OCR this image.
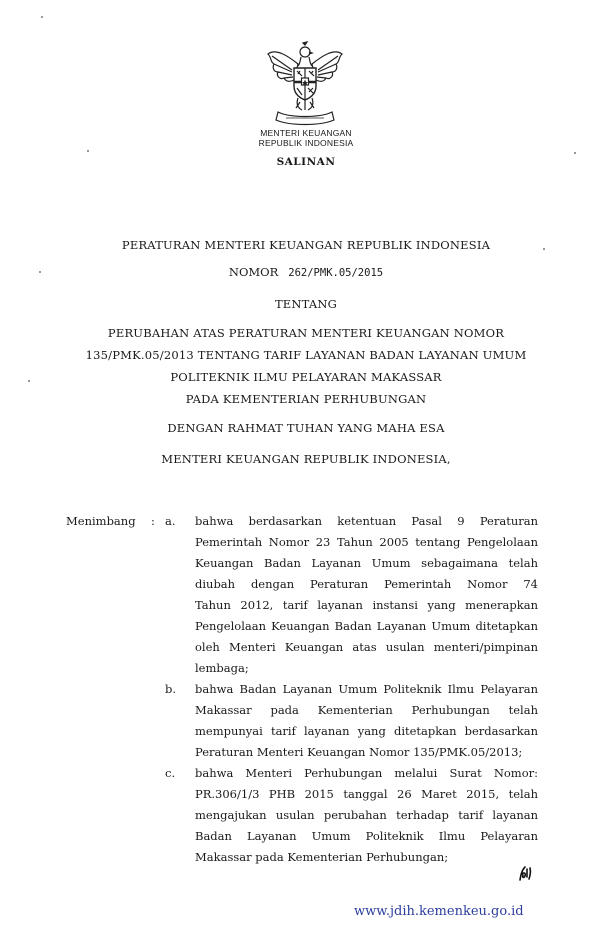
MENTERI KEUANGAN
REPUBLIK INDONESIA
SALINAN
PERATURAN MENTERI KEUANGAN REPUBLIK INDONESIA
NOMOR 262/PMK.05/2015
TENTANG
PERUBAHAN ATAS PERATURAN MENTERI KEUANGAN NOMOR
135/PMK.05/2013 TENTANG TARIF LAYANAN BADAN LAYANAN UMUM
POLITEKNIK ILMU PELAYARAN MAKASSAR
PADA KEMENTERIAN PERHUBUNGAN
DENGAN RAHMAT TUHAN YANG MAHA ESA
MENTERI KEUANGAN REPUBLIK INDONESIA,
Menimbang : a. bahwa berdasarkan ketentuan Pasal 9 Peraturan
Pemerintah Nomor 23 Tahun 2005 tentang Pengelolaan
Keuangan Badan Layanan Umum sebagaimana telah
diubah dengan Peraturan Pemerintah Nomor 74
Tahun 2012, tarif layanan instansi yang menerapkan
Pengelolaan Keuangan Badan Layanan Umum ditetapkan
oleh Menteri Keuangan atas usulan menteri/pimpinan
lembaga;
b. bahwa Badan Layanan Umum Politeknik Ilmu Pelayaran
Makassar pada Kementerian Perhubungan telah
mempunyai tarif layanan yang ditetapkan berdasarkan
Peraturan Menteri Keuangan Nomor 135/PMK.05/2013;
c. bahwa Menteri Perhubungan melalui Surat Nomor:
PR.306/1/3 PHB 2015 tanggal 26 Maret 2015, telah
mengajukan usulan perubahan terhadap tarif layanan
Badan Layanan Umum Politeknik Ilmu Pelayaran
Makassar pada Kementerian Perhubungan;
www.jdih.kemenkeu.go.id
